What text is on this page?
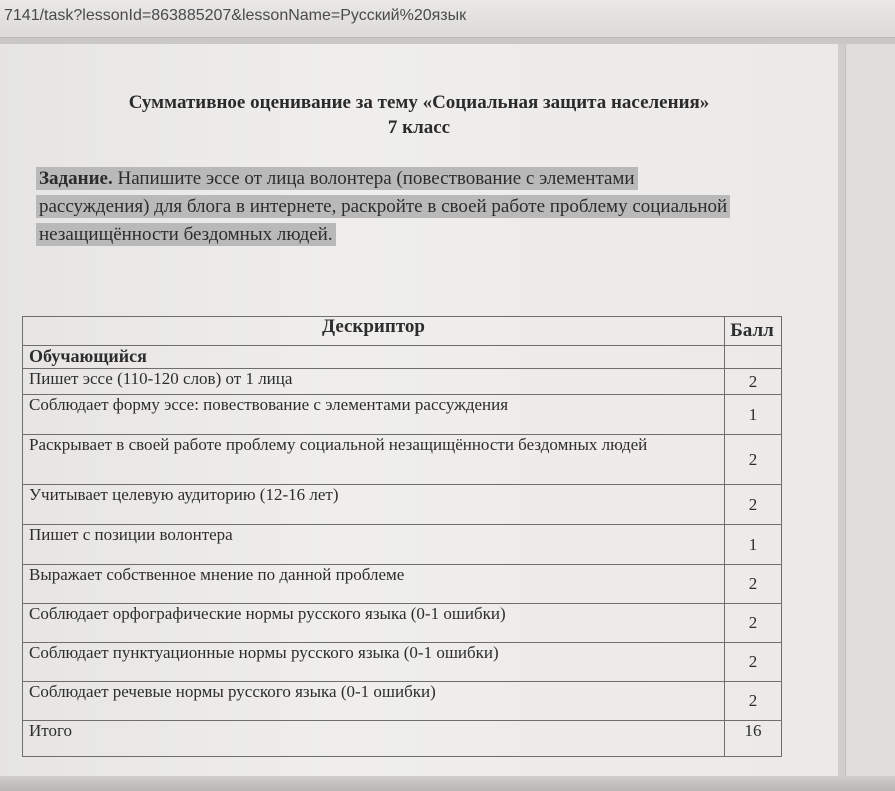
7141/task?lessonId=863885207&lessonName=Русский%20язык
Суммативное оценивание за тему «Социальная защита населения»
7 класс
Задание. Напишите эссе от лица волонтера (повествование с элементами рассуждения) для блога в интернете, раскройте в своей работе проблему социальной незащищённости бездомных людей.
Дескриптор	Балл
Обучающийся	
Пишет эссе (110-120 слов) от 1 лица	2
Соблюдает форму эссе: повествование с элементами рассуждения	1
Раскрывает в своей работе проблему социальной незащищённости бездомных людей	2
Учитывает целевую аудиторию (12-16 лет)	2
Пишет с позиции волонтера	1
Выражает собственное мнение по данной проблеме	2
Соблюдает орфографические нормы русского языка (0-1 ошибки)	2
Соблюдает пунктуационные нормы русского языка (0-1 ошибки)	2
Соблюдает речевые нормы русского языка (0-1 ошибки)	2
Итого	16
